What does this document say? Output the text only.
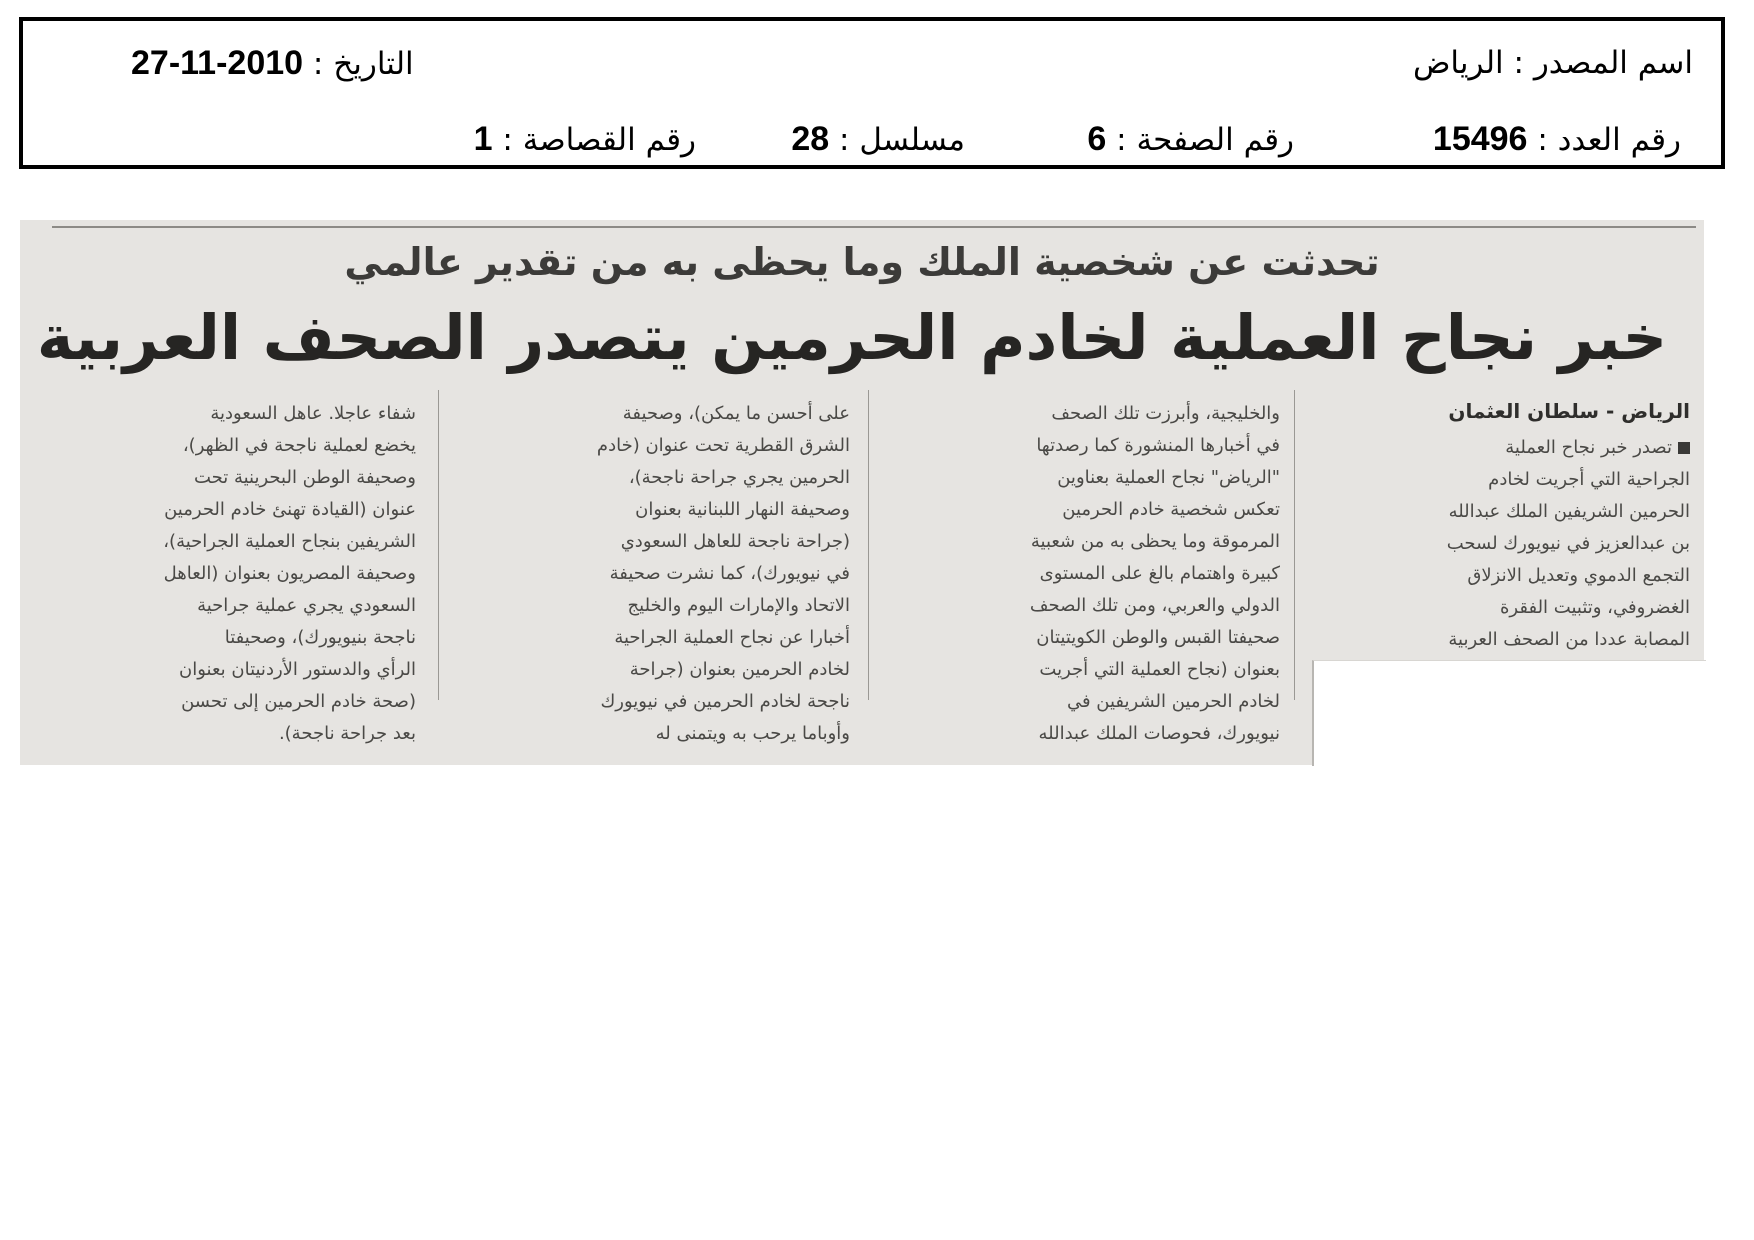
اسم المصدر : الرياض
التاريخ : 27-11-2010
رقم العدد : 15496
رقم الصفحة : 6
مسلسل : 28
رقم القصاصة : 1
تحدثت عن شخصية الملك وما يحظى به من تقدير عالمي
خبر نجاح العملية لخادم الحرمين يتصدر الصحف العربية
الرياض - سلطان العثمان
تصدر خبر نجاح العملية
الجراحية التي أجريت لخادم
الحرمين الشريفين الملك عبدالله
بن عبدالعزيز في نيويورك لسحب
التجمع الدموي وتعديل الانزلاق
الغضروفي، وتثبيت الفقرة
المصابة عددا من الصحف العربية
والخليجية، وأبرزت تلك الصحف
في أخبارها المنشورة كما رصدتها
"الرياض" نجاح العملية بعناوين
تعكس شخصية خادم الحرمين
المرموقة وما يحظى به من شعبية
كبيرة واهتمام بالغ على المستوى
الدولي والعربي، ومن تلك الصحف
صحيفتا القبس والوطن الكويتيتان
بعنوان (نجاح العملية التي أجريت
لخادم الحرمين الشريفين في
نيويورك، فحوصات الملك عبدالله
على أحسن ما يمكن)، وصحيفة
الشرق القطرية تحت عنوان (خادم
الحرمين يجري جراحة ناجحة)،
وصحيفة النهار اللبنانية بعنوان
(جراحة ناجحة للعاهل السعودي
في نيويورك)، كما نشرت صحيفة
الاتحاد والإمارات اليوم والخليج
أخبارا عن نجاح العملية الجراحية
لخادم الحرمين بعنوان (جراحة
ناجحة لخادم الحرمين في نيويورك
وأوباما يرحب به ويتمنى له
شفاء عاجلا. عاهل السعودية
يخضع لعملية ناجحة في الظهر)،
وصحيفة الوطن البحرينية تحت
عنوان (القيادة تهنئ خادم الحرمين
الشريفين بنجاح العملية الجراحية)،
وصحيفة المصريون بعنوان (العاهل
السعودي يجري عملية جراحية
ناجحة بنيويورك)، وصحيفتا
الرأي والدستور الأردنيتان بعنوان
(صحة خادم الحرمين إلى تحسن
بعد جراحة ناجحة).
